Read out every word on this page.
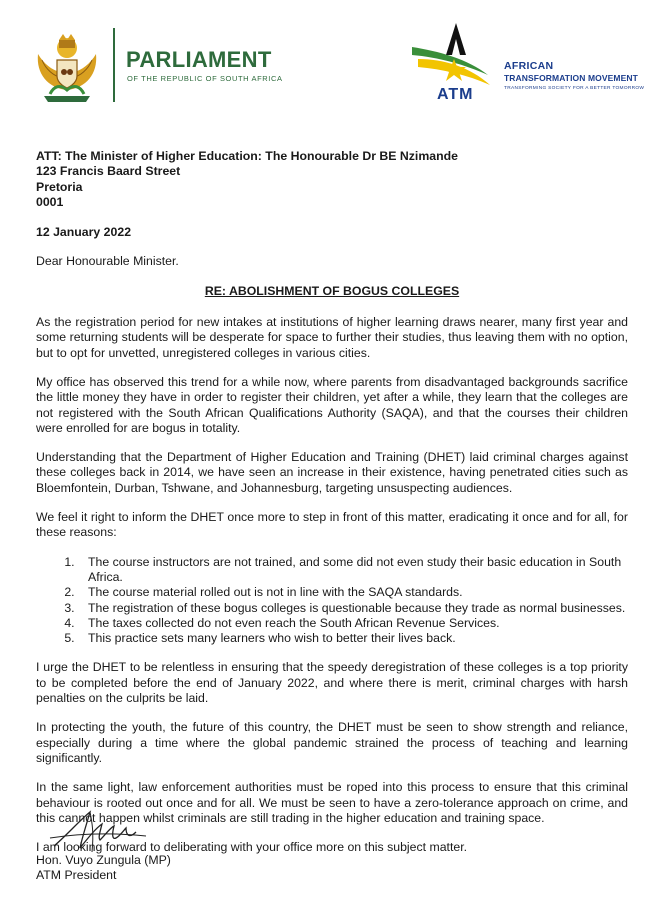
PARLIAMENT
OF THE REPUBLIC OF SOUTH AFRICA
ATM
AFRICAN
TRANSFORMATION MOVEMENT
TRANSFORMING SOCIETY FOR A BETTER TOMORROW
ATT: The Minister of Higher Education: The Honourable Dr BE Nzimande
123 Francis Baard Street
Pretoria
0001
12 January 2022
Dear Honourable Minister.
RE: ABOLISHMENT OF BOGUS COLLEGES

As the registration period for new intakes at institutions of higher learning draws nearer, many first year and some returning students will be desperate for space to further their studies, thus leaving them with no option, but to opt for unvetted, unregistered colleges in various cities.

My office has observed this trend for a while now, where parents from disadvantaged backgrounds sacrifice the little money they have in order to register their children, yet after a while, they learn that the colleges are not registered with the South African Qualifications Authority (SAQA), and that the courses their children were enrolled for are bogus in totality.

Understanding that the Department of Higher Education and Training (DHET) laid criminal charges against these colleges back in 2014, we have seen an increase in their existence, having penetrated cities such as Bloemfontein, Durban, Tshwane, and Johannesburg, targeting unsuspecting audiences.

We feel it right to inform the DHET once more to step in front of this matter, eradicating it once and for all, for these reasons:

1. The course instructors are not trained, and some did not even study their basic education in South Africa.
2. The course material rolled out is not in line with the SAQA standards.
3. The registration of these bogus colleges is questionable because they trade as normal businesses.
4. The taxes collected do not even reach the South African Revenue Services.
5. This practice sets many learners who wish to better their lives back.

I urge the DHET to be relentless in ensuring that the speedy deregistration of these colleges is a top priority to be completed before the end of January 2022, and where there is merit, criminal charges with harsh penalties on the culprits be laid.

In protecting the youth, the future of this country, the DHET must be seen to show strength and reliance, especially during a time where the global pandemic strained the process of teaching and learning significantly.

In the same light, law enforcement authorities must be roped into this process to ensure that this criminal behaviour is rooted out once and for all. We must be seen to have a zero-tolerance approach on crime, and this cannot happen whilst criminals are still trading in the higher education and training space.

I am looking forward to deliberating with your office more on this subject matter.

Hon. Vuyo Zungula (MP)
ATM President
